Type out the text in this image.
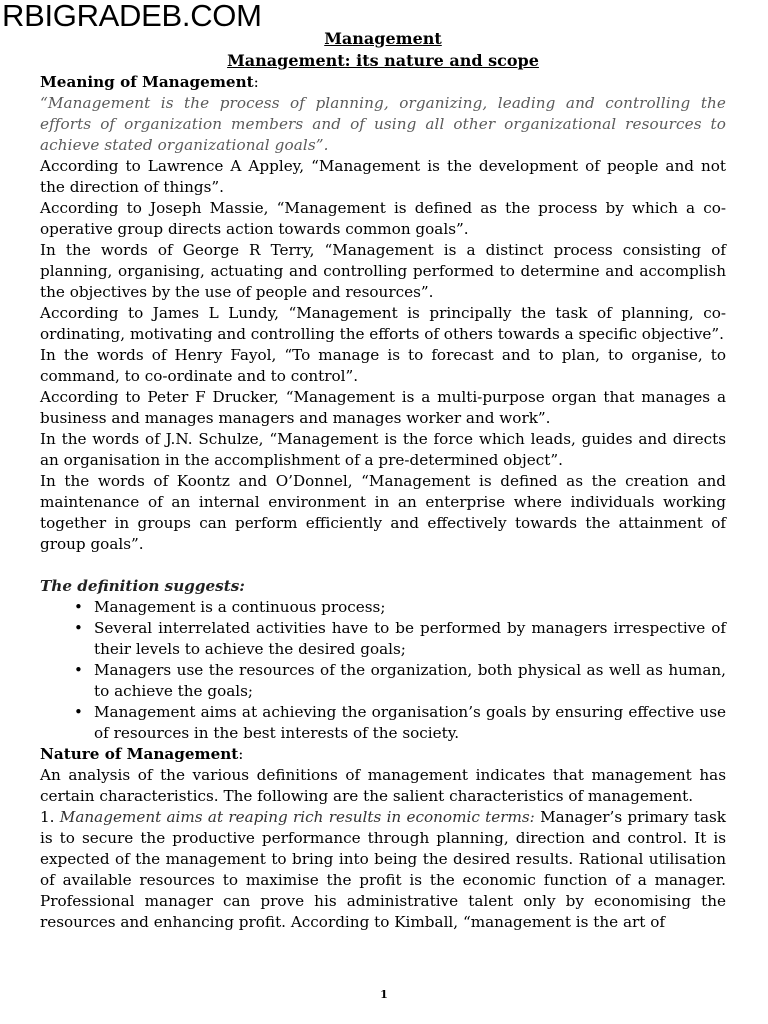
RBIGRADEB.COM
Management
Management: its nature and scope
Meaning of Management:

“Management is the process of planning, organizing, leading and controlling the efforts of organization members and of using all other organizational resources to achieve stated organizational goals”.

According to Lawrence A Appley, “Management is the development of people and not the direction of things”.

According to Joseph Massie, “Management is defined as the process by which a co-operative group directs action towards common goals”.

In the words of George R Terry, “Management is a distinct process consisting of planning, organising, actuating and controlling performed to determine and accomplish the objectives by the use of people and resources”.

According to James L Lundy, “Management is principally the task of planning, co-ordinating, motivating and controlling the efforts of others towards a specific objective”.

In the words of Henry Fayol, “To manage is to forecast and to plan, to organise, to command, to co-ordinate and to control”.

According to Peter F Drucker, “Management is a multi-purpose organ that manages a business and manages managers and manages worker and work”.

In the words of J.N. Schulze, “Management is the force which leads, guides and directs an organisation in the accomplishment of a pre-determined object”.

In the words of Koontz and O’Donnel, “Management is defined as the creation and maintenance of an internal environment in an enterprise where individuals working together in groups can perform efficiently and effectively towards the attainment of group goals”.

The definition suggests:

• Management is a continuous process;
• Several interrelated activities have to be performed by managers irrespective of their levels to achieve the desired goals;
• Managers use the resources of the organization, both physical as well as human, to achieve the goals;
• Management aims at achieving the organisation’s goals by ensuring effective use of resources in the best interests of the society.
Nature of Management:

An analysis of the various definitions of management indicates that management has certain characteristics. The following are the salient characteristics of management.

1. Management aims at reaping rich results in economic terms: Manager’s primary task is to secure the productive performance through planning, direction and control. It is expected of the management to bring into being the desired results. Rational utilisation of available resources to maximise the profit is the economic function of a manager. Professional manager can prove his administrative talent only by economising the resources and enhancing profit. According to Kimball, “management is the art of

1
